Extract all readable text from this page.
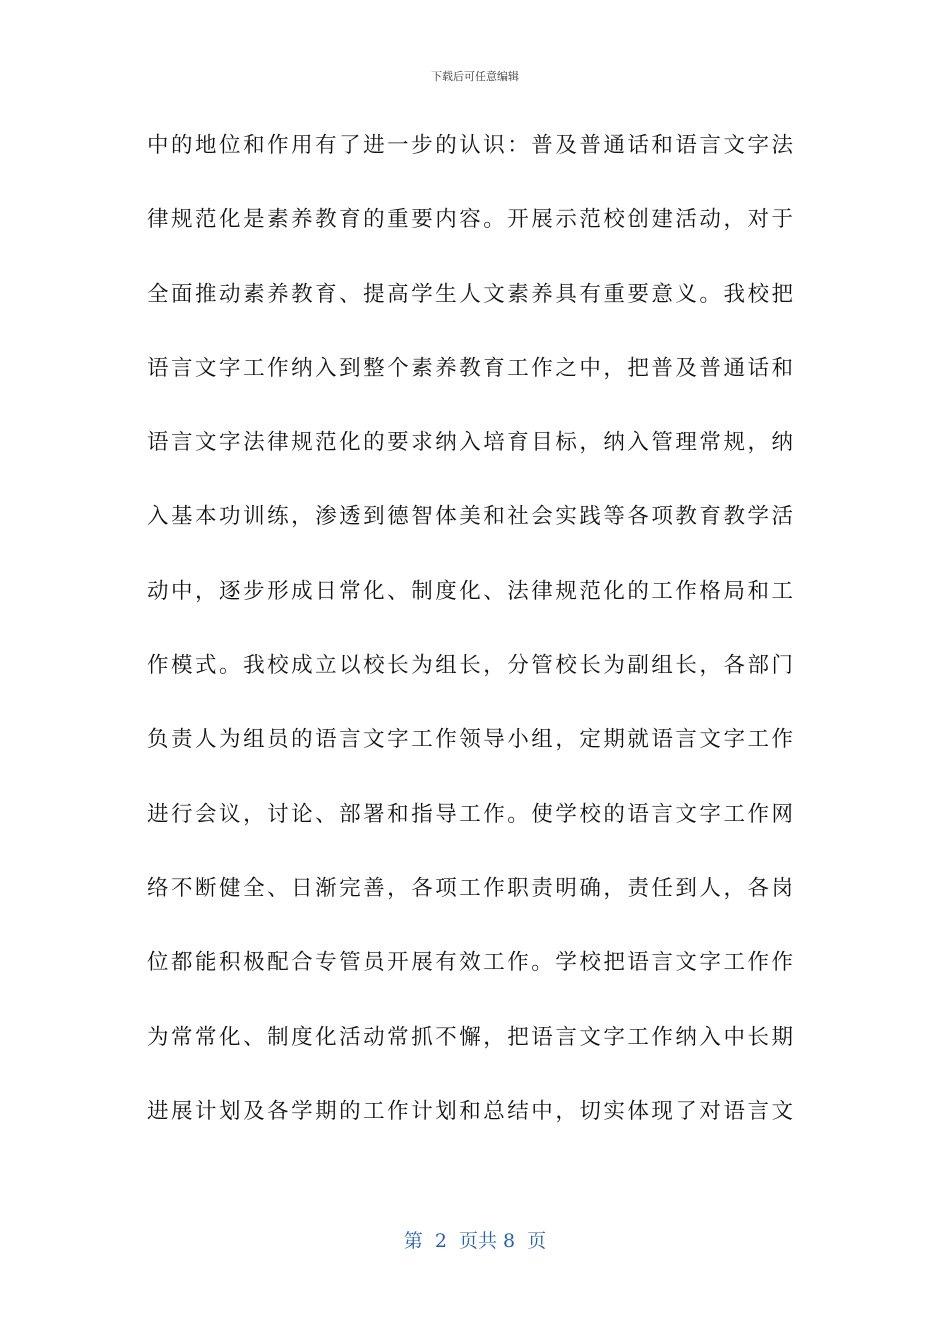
下载后可任意编辑
中的地位和作用有了进一步的认识：普及普通话和语言文字法
律规范化是素养教育的重要内容。开展示范校创建活动，对于
全面推动素养教育、提高学生人文素养具有重要意义。我校把
语言文字工作纳入到整个素养教育工作之中，把普及普通话和
语言文字法律规范化的要求纳入培育目标，纳入管理常规，纳
入基本功训练，渗透到德智体美和社会实践等各项教育教学活
动中，逐步形成日常化、制度化、法律规范化的工作格局和工
作模式。我校成立以校长为组长，分管校长为副组长，各部门
负责人为组员的语言文字工作领导小组，定期就语言文字工作
进行会议，讨论、部署和指导工作。使学校的语言文字工作网
络不断健全、日渐完善，各项工作职责明确，责任到人，各岗
位都能积极配合专管员开展有效工作。学校把语言文字工作作
为常常化、制度化活动常抓不懈，把语言文字工作纳入中长期
进展计划及各学期的工作计划和总结中，切实体现了对语言文
第  2  页共 8  页
